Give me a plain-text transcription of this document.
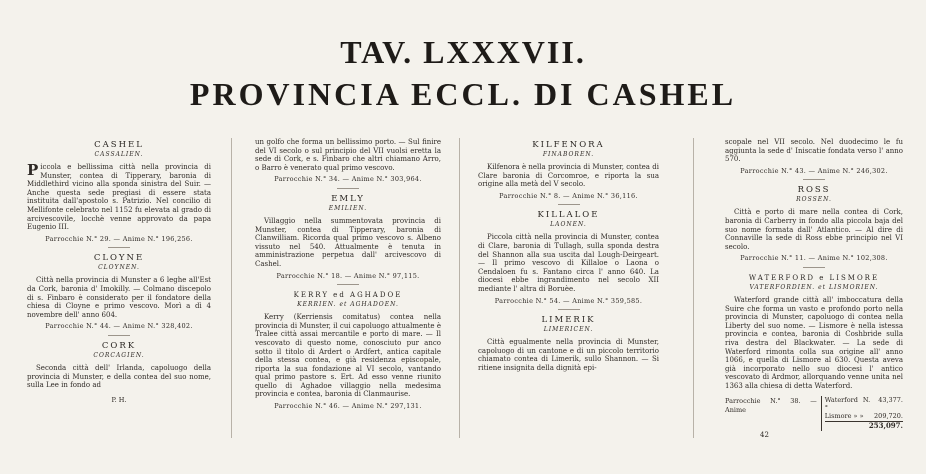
TAV. LXXXVII.
PROVINCIA ECCL. DI CASHEL
CASHEL
CASSALIEN.

Piccola e bellissima città nella provincia di Munster, contea di Tipperary, baronia di Middlethird vicino alla sponda sinistra del Suir. — Anche questa sede pregiasi di essere stata instituita dall'apostolo s. Patrizio. Nel concilio di Mellifonte celebrato nel 1152 fu elevata al grado di arcivescovile, locchè venne approvato da papa Eugenio III.

Parrocchie N.° 29. — Anime N.° 196,256.
CLOYNE
CLOYNEN.

Città nella provincia di Munster a 6 leghe all'Est da Cork, baronia d' Imokilly. — Colmano discepolo di s. Finbaro è considerato per il fondatore della chiesa di Cloyne e primo vescovo. Morì a dì 4 novembre dell' anno 604.

Parrocchie N.° 44. — Anime N.° 328,402.
CORK
CORCAGIEN.

Seconda città dell' Irlanda, capoluogo della provincia di Munster, e della contea del suo nome, sulla Lee in fondo ad

P. H.

un golfo che forma un bellissimo porto. — Sul finire del VI secolo o sul principio del VII vuolsi eretta la sede di Cork, e s. Finbaro che altri chiamano Arro, o Barro è venerato qual primo vescovo.

Parrocchie N.° 34. — Anime N.° 303,964.
EMLY
EMILIEN.

Villaggio nella summentovata provincia di Munster, contea di Tipperary, baronia di Clanwilliam. Ricorda qual primo vescovo s. Albeno vissuto nel 540. Attualmente è tenuta in amministrazione perpetua dall' arcivescovo di Cashel.

Parrocchie N.° 18. — Anime N.° 97,115.
KERRY ed AGHADOE
KERRIEN. et AGHADOEN.

Kerry (Kerriensis comitatus) contea nella provincia di Munster, il cui capoluogo attualmente è Tralee città assai mercantile e porto di mare. — Il vescovato di questo nome, conosciuto pur anco sotto il titolo di Ardert o Ardfert, antica capitale della stessa contea, e già residenza episcopale, riporta la sua fondazione al VI secolo, vantando qual primo pastore s. Ert. Ad esso venne riunito quello di Aghadoe villaggio nella medesima provincia e contea, baronia di Clanmaurise.

Parrocchie N.° 46. — Anime N.° 297,131.
KILFENORA
FINABOREN.

Kilfenora è nella provincia di Munster, contea di Clare baronia di Corcomroe, e riporta la sua origine alla metà del V secolo.

Parrocchie N.° 8. — Anime N.° 36,116.
KILLALOE
LAONEN.

Piccola città nella provincia di Munster, contea di Clare, baronia di Tullagh, sulla sponda destra del Shannon alla sua uscita dal Lough-Deirgeart. — Il primo vescovo di Killaloe o Laona o Cendaloen fu s. Fantano circa l' anno 640. La diocesi ebbe ingrandimento nel secolo XII mediante l' altra di Boruèe.

Parrocchie N.° 54. — Anime N.° 359,585.
LIMERIK
LIMERICEN.

Città egualmente nella provincia di Munster, capoluogo di un cantone e di un piccolo territorio chiamato contea di Limerik, sullo Shannon. — Si ritiene insignita della dignità epi-

scopale nel VII secolo. Nel duodecimo le fu aggiunta la sede d' Iniscatie fondata verso l' anno 570.

Parrocchie N.° 43. — Anime N.° 246,302.
ROSS
ROSSEN.

Città e porto di mare nella contea di Cork, baronia di Carberry in fondo alla piccola baja del suo nome formata dall' Atlantico. — Al dire di Connaville la sede di Ross ebbe principio nel VI secolo.

Parrocchie N.° 11. — Anime N.° 102,308.
WATERFORD e LISMORE
VATERFORDIEN. et LISMORIEN.

Waterford grande città all' imboccatura della Suire che forma un vasto e profondo porto nella provincia di Munster, capoluogo di contea nella Liberty del suo nome. — Lismore è nella istessa provincia e contea, baronia di Coshbride sulla riva destra del Blackwater. — La sede di Waterford rimonta colla sua origine all' anno 1066, e quella di Lismore al 630. Questa aveva già incorporato nello suo diocesi l' antico vescovato di Ardmor, allorquando venne unita nel 1363 alla chiesa di detta Waterford.

Parrocchie N.° 38. — Anime
Waterford N.°
43,377.
Lismore » » 209,720.
253,097.
42
